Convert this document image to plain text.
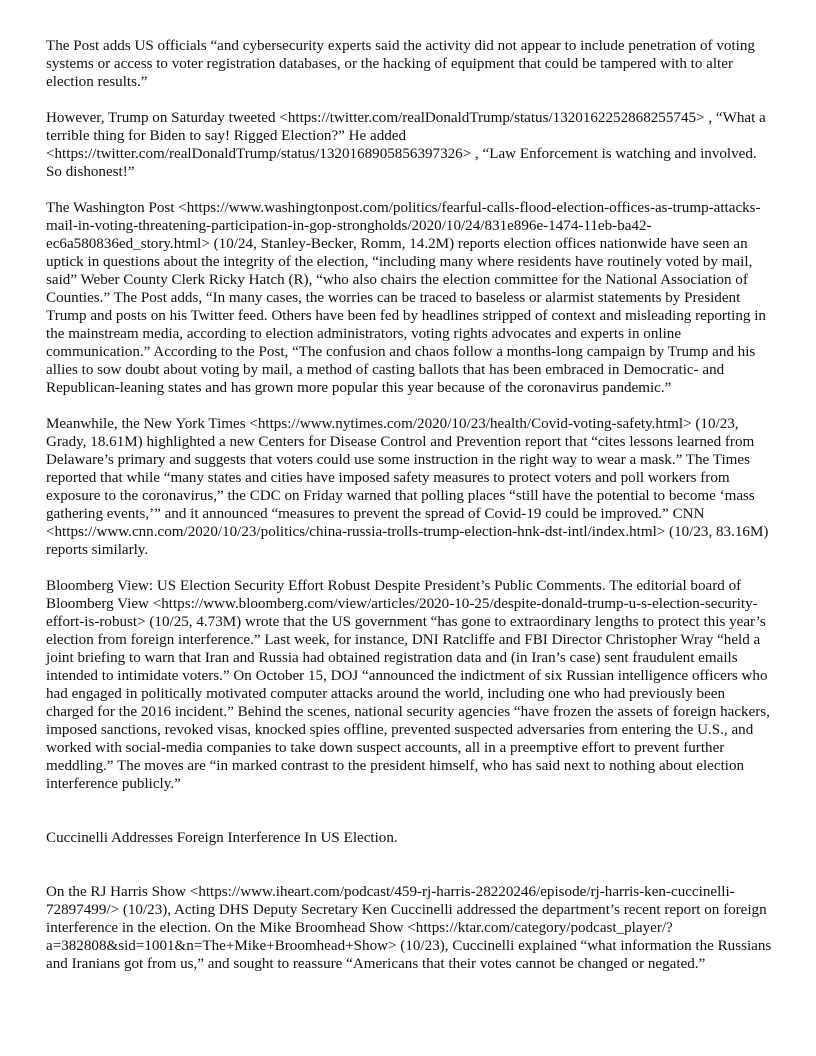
The Post adds US officials “and cybersecurity experts said the activity did not appear to include penetration of voting systems or access to voter registration databases, or the hacking of equipment that could be tampered with to alter election results.”

However, Trump on Saturday tweeted <https://twitter.com/realDonaldTrump/status/1320162252868255745> , “What a terrible thing for Biden to say! Rigged Election?” He added <https://twitter.com/realDonaldTrump/status/1320168905856397326> , “Law Enforcement is watching and involved. So dishonest!”

The Washington Post <https://www.washingtonpost.com/politics/fearful-calls-flood-election-offices-as-trump-attacks-mail-in-voting-threatening-participation-in-gop-strongholds/2020/10/24/831e896e-1474-11eb-ba42-ec6a580836ed_story.html> (10/24, Stanley-Becker, Romm, 14.2M) reports election offices nationwide have seen an uptick in questions about the integrity of the election, “including many where residents have routinely voted by mail, said” Weber County Clerk Ricky Hatch (R), “who also chairs the election committee for the National Association of Counties.” The Post adds, “In many cases, the worries can be traced to baseless or alarmist statements by President Trump and posts on his Twitter feed. Others have been fed by headlines stripped of context and misleading reporting in the mainstream media, according to election administrators, voting rights advocates and experts in online communication.” According to the Post, “The confusion and chaos follow a months-long campaign by Trump and his allies to sow doubt about voting by mail, a method of casting ballots that has been embraced in Democratic- and Republican-leaning states and has grown more popular this year because of the coronavirus pandemic.”

Meanwhile, the New York Times <https://www.nytimes.com/2020/10/23/health/Covid-voting-safety.html> (10/23, Grady, 18.61M) highlighted a new Centers for Disease Control and Prevention report that “cites lessons learned from Delaware’s primary and suggests that voters could use some instruction in the right way to wear a mask.” The Times reported that while “many states and cities have imposed safety measures to protect voters and poll workers from exposure to the coronavirus,” the CDC on Friday warned that polling places “still have the potential to become ‘mass gathering events,’” and it announced “measures to prevent the spread of Covid-19 could be improved.” CNN <https://www.cnn.com/2020/10/23/politics/china-russia-trolls-trump-election-hnk-dst-intl/index.html> (10/23, 83.16M) reports similarly.

Bloomberg View: US Election Security Effort Robust Despite President’s Public Comments. The editorial board of Bloomberg View <https://www.bloomberg.com/view/articles/2020-10-25/despite-donald-trump-u-s-election-security-effort-is-robust> (10/25, 4.73M) wrote that the US government “has gone to extraordinary lengths to protect this year’s election from foreign interference.” Last week, for instance, DNI Ratcliffe and FBI Director Christopher Wray “held a joint briefing to warn that Iran and Russia had obtained registration data and (in Iran’s case) sent fraudulent emails intended to intimidate voters.” On October 15, DOJ “announced the indictment of six Russian intelligence officers who had engaged in politically motivated computer attacks around the world, including one who had previously been charged for the 2016 incident.” Behind the scenes, national security agencies “have frozen the assets of foreign hackers, imposed sanctions, revoked visas, knocked spies offline, prevented suspected adversaries from entering the U.S., and worked with social-media companies to take down suspect accounts, all in a preemptive effort to prevent further meddling.” The moves are “in marked contrast to the president himself, who has said next to nothing about election interference publicly.”

Cuccinelli Addresses Foreign Interference In US Election.

On the RJ Harris Show <https://www.iheart.com/podcast/459-rj-harris-28220246/episode/rj-harris-ken-cuccinelli-72897499/> (10/23), Acting DHS Deputy Secretary Ken Cuccinelli addressed the department’s recent report on foreign interference in the election. On the Mike Broomhead Show <https://ktar.com/category/podcast_player/?a=382808&sid=1001&n=The+Mike+Broomhead+Show> (10/23), Cuccinelli explained “what information the Russians and Iranians got from us,” and sought to reassure “Americans that their votes cannot be changed or negated.”
